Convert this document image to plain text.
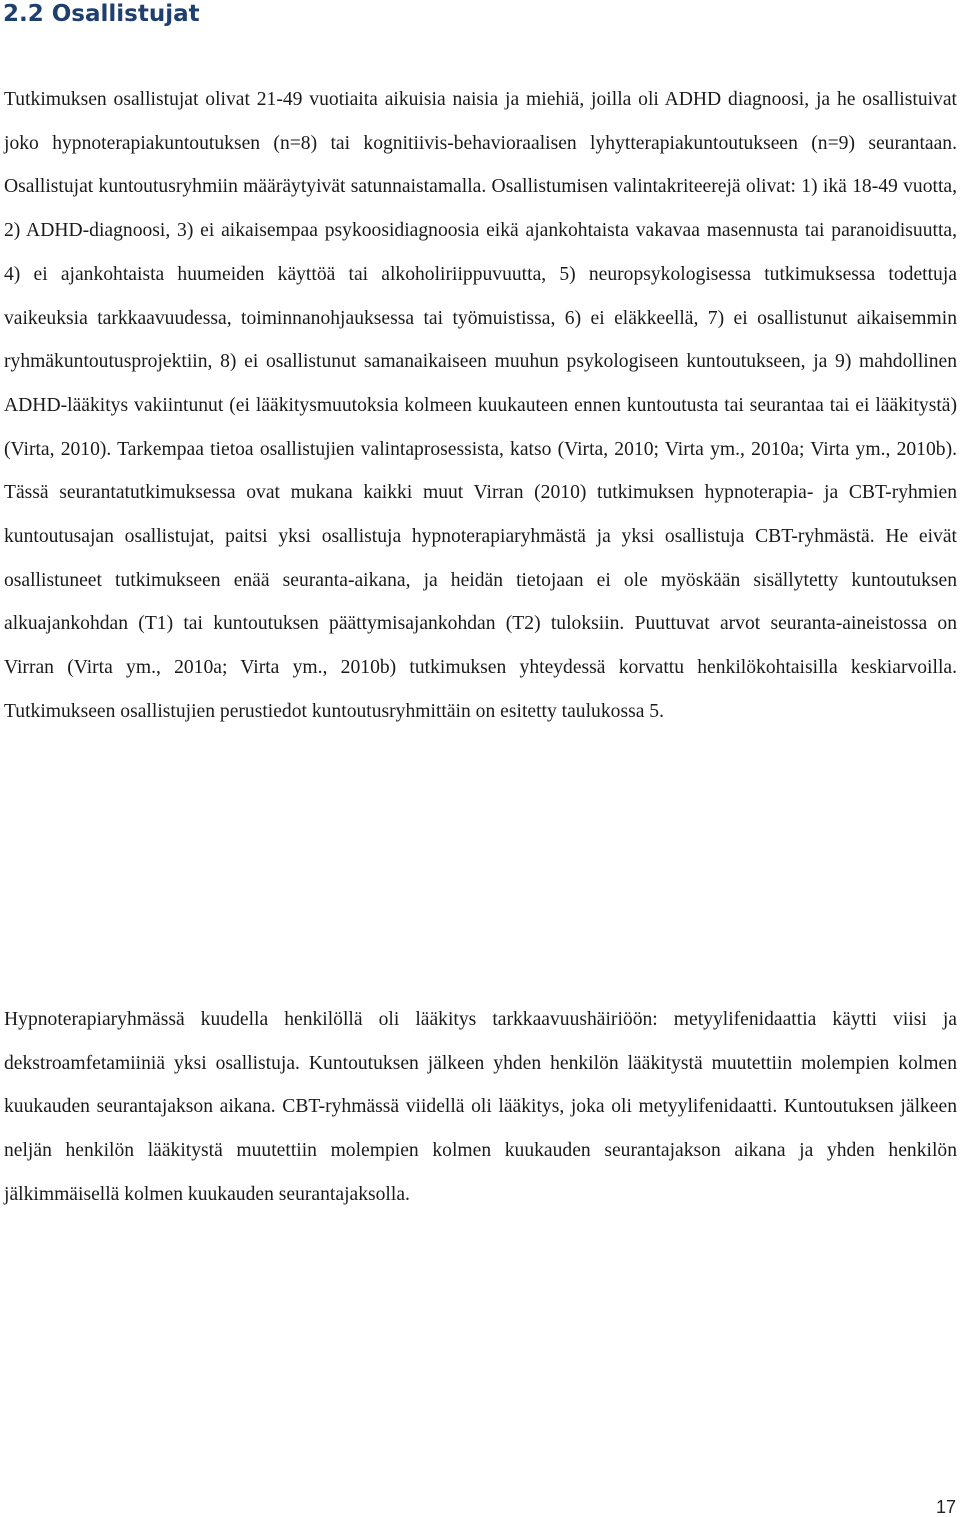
2.2 Osallistujat

Tutkimuksen osallistujat olivat 21-49 vuotiaita aikuisia naisia ja miehiä, joilla oli ADHD diagnoosi, ja he osallistuivat joko hypnoterapiakuntoutuksen (n=8) tai kognitiivis-behavioraalisen lyhytterapiakuntoutukseen (n=9) seurantaan. Osallistujat kuntoutusryhmiin määräytyivät satunnaistamalla. Osallistumisen valintakriteerejä olivat: 1) ikä 18-49 vuotta, 2) ADHD-diagnoosi, 3) ei aikaisempaa psykoosidiagnoosia eikä ajankohtaista vakavaa masennusta tai paranoidisuutta, 4) ei ajankohtaista huumeiden käyttöä tai alkoholiriippuvuutta, 5) neuropsykologisessa tutkimuksessa todettuja vaikeuksia tarkkaavuudessa, toiminnanohjauksessa tai työmuistissa, 6) ei eläkkeellä, 7) ei osallistunut aikaisemmin ryhmäkuntoutusprojektiin, 8) ei osallistunut samanaikaiseen muuhun psykologiseen kuntoutukseen, ja 9) mahdollinen ADHD-lääkitys vakiintunut (ei lääkitysmuutoksia kolmeen kuukauteen ennen kuntoutusta tai seurantaa tai ei lääkitystä) (Virta, 2010). Tarkempaa tietoa osallistujien valintaprosessista, katso (Virta, 2010; Virta ym., 2010a; Virta ym., 2010b). Tässä seurantatutkimuksessa ovat mukana kaikki muut Virran (2010) tutkimuksen hypnoterapia- ja CBT-ryhmien kuntoutusajan osallistujat, paitsi yksi osallistuja hypnoterapiaryhmästä ja yksi osallistuja CBT-ryhmästä. He eivät osallistuneet tutkimukseen enää seuranta-aikana, ja heidän tietojaan ei ole myöskään sisällytetty kuntoutuksen alkuajankohdan (T1) tai kuntoutuksen päättymisajankohdan (T2) tuloksiin. Puuttuvat arvot seuranta-aineistossa on Virran (Virta ym., 2010a; Virta ym., 2010b) tutkimuksen yhteydessä korvattu henkilökohtaisilla keskiarvoilla. Tutkimukseen osallistujien perustiedot kuntoutusryhmittäin on esitetty taulukossa 5.

Hypnoterapiaryhmässä kuudella henkilöllä oli lääkitys tarkkaavuushäiriöön: metyylifenidaattia käytti viisi ja dekstroamfetamiiniä yksi osallistuja. Kuntoutuksen jälkeen yhden henkilön lääkitystä muutettiin molempien kolmen kuukauden seurantajakson aikana. CBT-ryhmässä viidellä oli lääkitys, joka oli metyylifenidaatti. Kuntoutuksen jälkeen neljän henkilön lääkitystä muutettiin molempien kolmen kuukauden seurantajakson aikana ja yhden henkilön jälkimmäisellä kolmen kuukauden seurantajaksolla.

17
